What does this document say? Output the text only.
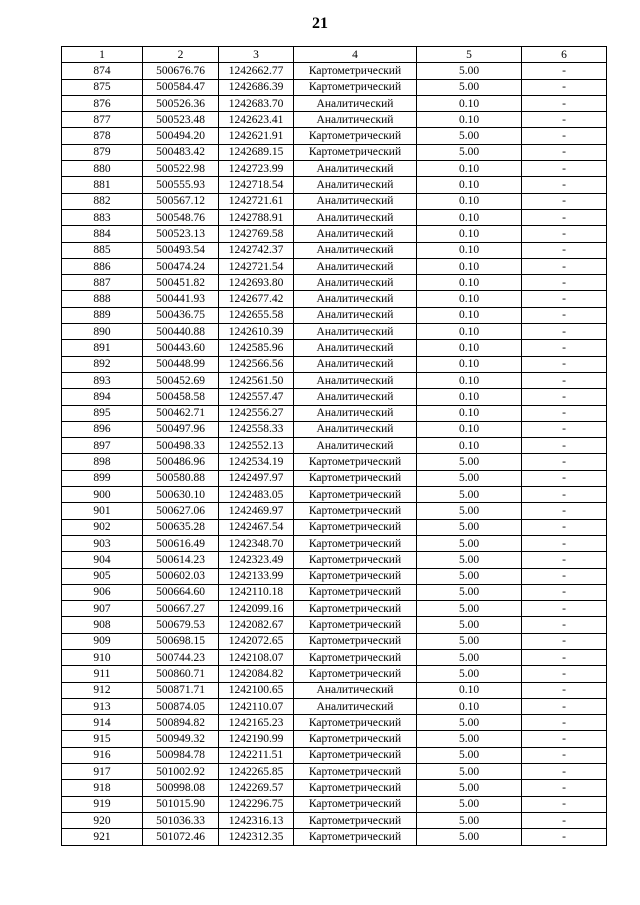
21
1	2	3	4	5	6
874	500676.76	1242662.77	Картометрический	5.00	-
875	500584.47	1242686.39	Картометрический	5.00	-
876	500526.36	1242683.70	Аналитический	0.10	-
877	500523.48	1242623.41	Аналитический	0.10	-
878	500494.20	1242621.91	Картометрический	5.00	-
879	500483.42	1242689.15	Картометрический	5.00	-
880	500522.98	1242723.99	Аналитический	0.10	-
881	500555.93	1242718.54	Аналитический	0.10	-
882	500567.12	1242721.61	Аналитический	0.10	-
883	500548.76	1242788.91	Аналитический	0.10	-
884	500523.13	1242769.58	Аналитический	0.10	-
885	500493.54	1242742.37	Аналитический	0.10	-
886	500474.24	1242721.54	Аналитический	0.10	-
887	500451.82	1242693.80	Аналитический	0.10	-
888	500441.93	1242677.42	Аналитический	0.10	-
889	500436.75	1242655.58	Аналитический	0.10	-
890	500440.88	1242610.39	Аналитический	0.10	-
891	500443.60	1242585.96	Аналитический	0.10	-
892	500448.99	1242566.56	Аналитический	0.10	-
893	500452.69	1242561.50	Аналитический	0.10	-
894	500458.58	1242557.47	Аналитический	0.10	-
895	500462.71	1242556.27	Аналитический	0.10	-
896	500497.96	1242558.33	Аналитический	0.10	-
897	500498.33	1242552.13	Аналитический	0.10	-
898	500486.96	1242534.19	Картометрический	5.00	-
899	500580.88	1242497.97	Картометрический	5.00	-
900	500630.10	1242483.05	Картометрический	5.00	-
901	500627.06	1242469.97	Картометрический	5.00	-
902	500635.28	1242467.54	Картометрический	5.00	-
903	500616.49	1242348.70	Картометрический	5.00	-
904	500614.23	1242323.49	Картометрический	5.00	-
905	500602.03	1242133.99	Картометрический	5.00	-
906	500664.60	1242110.18	Картометрический	5.00	-
907	500667.27	1242099.16	Картометрический	5.00	-
908	500679.53	1242082.67	Картометрический	5.00	-
909	500698.15	1242072.65	Картометрический	5.00	-
910	500744.23	1242108.07	Картометрический	5.00	-
911	500860.71	1242084.82	Картометрический	5.00	-
912	500871.71	1242100.65	Аналитический	0.10	-
913	500874.05	1242110.07	Аналитический	0.10	-
914	500894.82	1242165.23	Картометрический	5.00	-
915	500949.32	1242190.99	Картометрический	5.00	-
916	500984.78	1242211.51	Картометрический	5.00	-
917	501002.92	1242265.85	Картометрический	5.00	-
918	500998.08	1242269.57	Картометрический	5.00	-
919	501015.90	1242296.75	Картометрический	5.00	-
920	501036.33	1242316.13	Картометрический	5.00	-
921	501072.46	1242312.35	Картометрический	5.00	-
